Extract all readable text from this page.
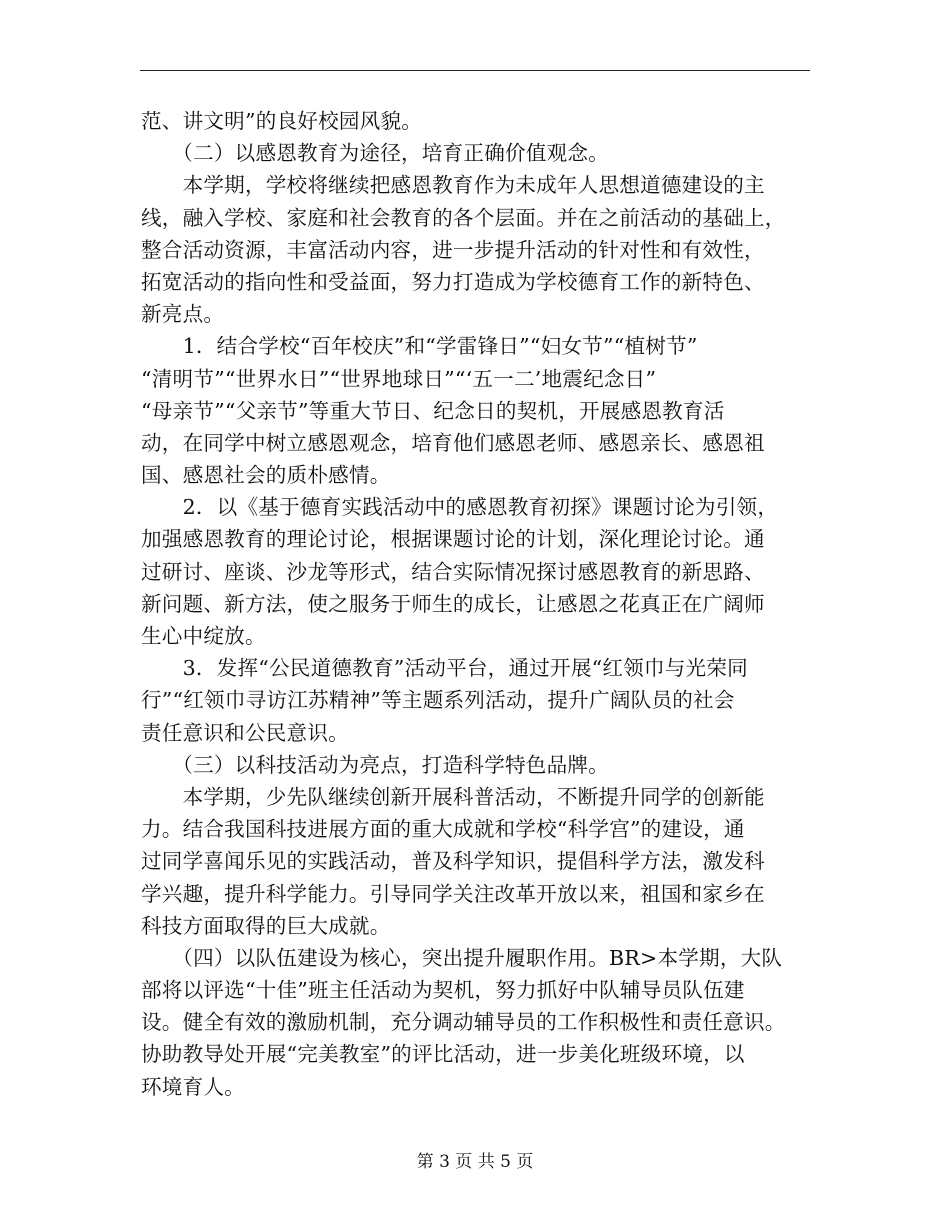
范、讲文明”的良好校园风貌。
　　（二）以感恩教育为途径，培育正确价值观念。
　　本学期，学校将继续把感恩教育作为未成年人思想道德建设的主
线，融入学校、家庭和社会教育的各个层面。并在之前活动的基础上，
整合活动资源，丰富活动内容，进一步提升活动的针对性和有效性，
拓宽活动的指向性和受益面，努力打造成为学校德育工作的新特色、
新亮点。
　　1．结合学校“百年校庆”和“学雷锋日”“妇女节”“植树节”
“清明节”“世界水日”“世界地球日”“‘五一二’地震纪念日”
“母亲节”“父亲节”等重大节日、纪念日的契机，开展感恩教育活
动，在同学中树立感恩观念，培育他们感恩老师、感恩亲长、感恩祖
国、感恩社会的质朴感情。
　　2．以《基于德育实践活动中的感恩教育初探》课题讨论为引领，
加强感恩教育的理论讨论，根据课题讨论的计划，深化理论讨论。通
过研讨、座谈、沙龙等形式，结合实际情况探讨感恩教育的新思路、
新问题、新方法，使之服务于师生的成长，让感恩之花真正在广阔师
生心中绽放。
　　3．发挥“公民道德教育”活动平台，通过开展“红领巾与光荣同
行”“红领巾寻访江苏精神”等主题系列活动，提升广阔队员的社会
责任意识和公民意识。
　　（三）以科技活动为亮点，打造科学特色品牌。
　　本学期，少先队继续创新开展科普活动，不断提升同学的创新能
力。结合我国科技进展方面的重大成就和学校“科学宫”的建设，通
过同学喜闻乐见的实践活动，普及科学知识，提倡科学方法，激发科
学兴趣，提升科学能力。引导同学关注改革开放以来，祖国和家乡在
科技方面取得的巨大成就。
　　（四）以队伍建设为核心，突出提升履职作用。BR>本学期，大队
部将以评选“十佳”班主任活动为契机，努力抓好中队辅导员队伍建
设。健全有效的激励机制，充分调动辅导员的工作积极性和责任意识。
协助教导处开展“完美教室”的评比活动，进一步美化班级环境，以
环境育人。
第 3 页 共 5 页
